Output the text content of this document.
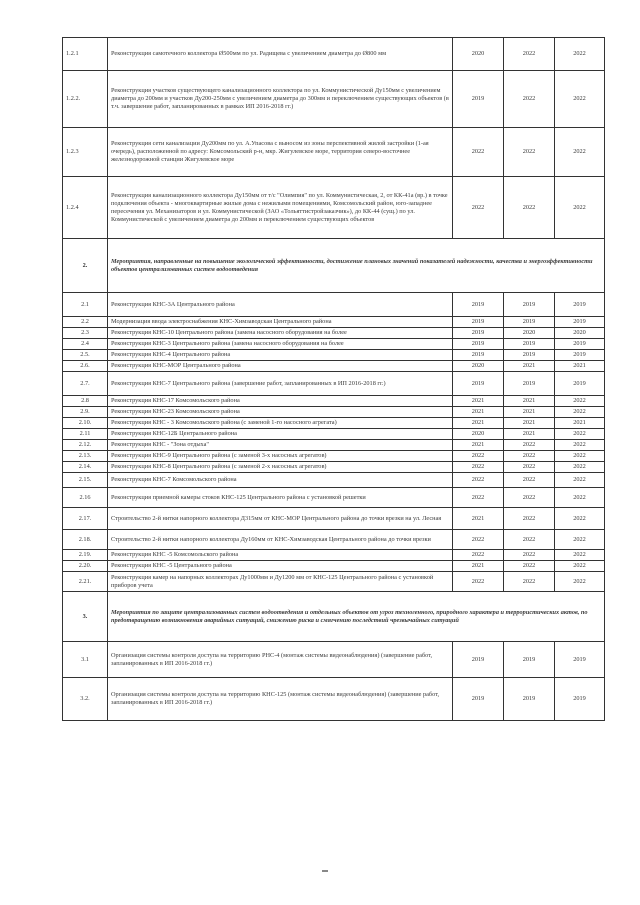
1.2.1	Реконструкция самотечного коллектора Ø500мм по ул. Радищева с увеличением диаметра до Ø800 мм	2020	2022	2022
1.2.2.	Реконструкция участков существующего канализационного коллектора по ул. Коммунистической Ду150мм с увеличением диаметра до 200мм и участков Ду200-250мм с увеличением диаметра до 300мм и переключением существующих объектов (в т.ч. завершение работ, запланированных в рамках ИП 2016-2018 гг.)	2019	2022	2022
1.2.3	Реконструкция сети канализации Ду200мм по ул. А.Упасова с выносом из зоны перспективной жилой застройки (1-ая очередь), расположенной по адресу: Комсомольский р-н, мкр. Жигулевское море, территория северо-восточнее железнодорожной станции Жигулевское море	2022	2022	2022
1.2.4	Реконструкция канализационного коллектора Ду150мм от т/с "Олимпия" по ул. Коммунистическая, 2, от КК-41а (вр.) в точке подключения объекта - многоквартирные жилые дома с нежилыми помещениями, Комсомольский район, юго-западнее пересечения ул. Механизаторов и ул. Коммунистической (ЗАО «Тольяттистройзаказчик»), до КК-44 (сущ.) по ул. Коммунистической с увеличением диаметра до 200мм и переключением существующих объектов	2022	2022	2022
2.	Мероприятия, направленные на повышение экологической эффективности, достижение плановых значений показателей надежности, качества и энергоэффективности объектов централизованных систем водоотведения			
2.1	Реконструкция КНС-3А Центрального района	2019	2019	2019
2.2	Модернизация ввода электроснабжения КНС-Химзаводская Центрального района	2019	2019	2019
2.3	Реконструкция КНС-10 Центрального района (замена насосного оборудования на более	2019	2020	2020
2.4	Реконструкция КНС-3 Центрального района (замена насосного оборудования на более	2019	2019	2019
2.5.	Реконструкция КНС-4 Центрального района	2019	2019	2019
2.6.	Реконструкция КНС-МОР Центрального района	2020	2021	2021
2.7.	Реконструкция КНС-7 Центрального района (завершение работ, запланированных в ИП 2016-2018 гг.)	2019	2019	2019
2.8	Реконструкция КНС-17 Комсомольского района	2021	2021	2022
2.9.	Реконструкция КНС-23 Комсомольского района	2021	2021	2022
2.10.	Реконструкция КНС - 3 Комсомольского района (с заменой 1-го насосного агрегата)	2021	2021	2021
2.11	Реконструкция КНС-12Б Центрального района	2020	2021	2022
2.12.	Реконструкция КНС - "Зона отдыха"	2021	2022	2022
2.13.	Реконструкция КНС-9 Центрального района (с заменой 3-х насосных агрегатов)	2022	2022	2022
2.14.	Реконструкция КНС-8 Центрального района (с заменой 2-х насосных агрегатов)	2022	2022	2022
2.15.	Реконструкция КНС-7 Комсомольского района	2022	2022	2022
2.16	Реконструкция приемной камеры стоков КНС-125 Центрального района с установкой решетки	2022	2022	2022
2.17.	Строительство 2-й нитки напорного коллектора Д315мм от КНС-МОР Центрального района до точки врезки на ул. Лесная	2021	2022	2022
2.18.	Строительство 2-й нитки напорного коллектора Ду160мм от КНС-Химзаводская Центрального района до точки врезки	2022	2022	2022
2.19.	Реконструкция КНС -5 Комсомольского района	2022	2022	2022
2.20.	Реконструкция КНС -5 Центрального района	2021	2022	2022
2.21.	Реконструкция камер на напорных коллекторах Ду1000мм и Ду1200 мм от КНС-125 Центрального района с установкой приборов учета	2022	2022	2022
3.	Мероприятия по защите централизованных систем водоотведения и отдельных объектов от угроз техногенного, природного характера и террористических актов, по предотвращению возникновения аварийных ситуаций, снижению риска и смягчению последствий чрезвычайных ситуаций			
3.1	Организация системы контроля доступа на территорию РНС-4 (монтаж системы видеонаблюдения) (завершение работ, запланированных в ИП 2016-2018 гг.)	2019	2019	2019
3.2.	Организация системы контроля доступа на территорию КНС-125 (монтаж системы видеонаблюдения) (завершение работ, запланированных в ИП 2016-2018 гг.)	2019	2019	2019
